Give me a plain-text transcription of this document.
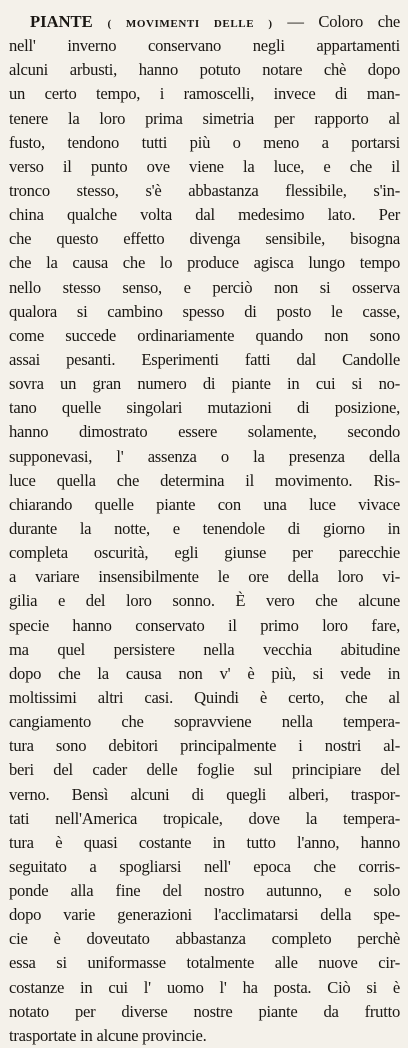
PIANTE ( MOVIMENTI DELLE ) — Coloro che
nell' inverno conservano negli appartamenti
alcuni arbusti, hanno potuto notare chè dopo
un certo tempo, i ramoscelli, invece di man-
tenere la loro prima simetria per rapporto al
fusto, tendono tutti più o meno a portarsi
verso il punto ove viene la luce, e che il
tronco stesso, s'è abbastanza flessibile, s'in-
china qualche volta dal medesimo lato. Per
che questo effetto divenga sensibile, bisogna
che la causa che lo produce agisca lungo tempo
nello stesso senso, e perciò non si osserva
qualora si cambino spesso di posto le casse,
come succede ordinariamente quando non sono
assai pesanti. Esperimenti fatti dal Candolle
sovra un gran numero di piante in cui si no-
tano quelle singolari mutazioni di posizione,
hanno dimostrato essere solamente, secondo
supponevasi, l' assenza o la presenza della
luce quella che determina il movimento. Ris-
chiarando quelle piante con una luce vivace
durante la notte, e tenendole di giorno in
completa oscurità, egli giunse per parecchie
a variare insensibilmente le ore della loro vi-
gilia e del loro sonno. È vero che alcune
specie hanno conservato il primo loro fare,
ma quel persistere nella vecchia abitudine
dopo che la causa non v' è più, si vede in
moltissimi altri casi. Quindi è certo, che al
cangiamento che sopravviene nella tempera-
tura sono debitori principalmente i nostri al-
beri del cader delle foglie sul principiare del
verno. Bensì alcuni di quegli alberi, traspor-
tati nell'America tropicale, dove la tempera-
tura è quasi costante in tutto l'anno, hanno
seguitato a spogliarsi nell' epoca che corris-
ponde alla fine del nostro autunno, e solo
dopo varie generazioni l'acclimatarsi della spe-
cie è doveutato abbastanza completo perchè
essa si uniformasse totalmente alle nuove cir-
costanze in cui l' uomo l' ha posta. Ciò si è
notato per diverse nostre piante da frutto
trasportate in alcune provincie.
